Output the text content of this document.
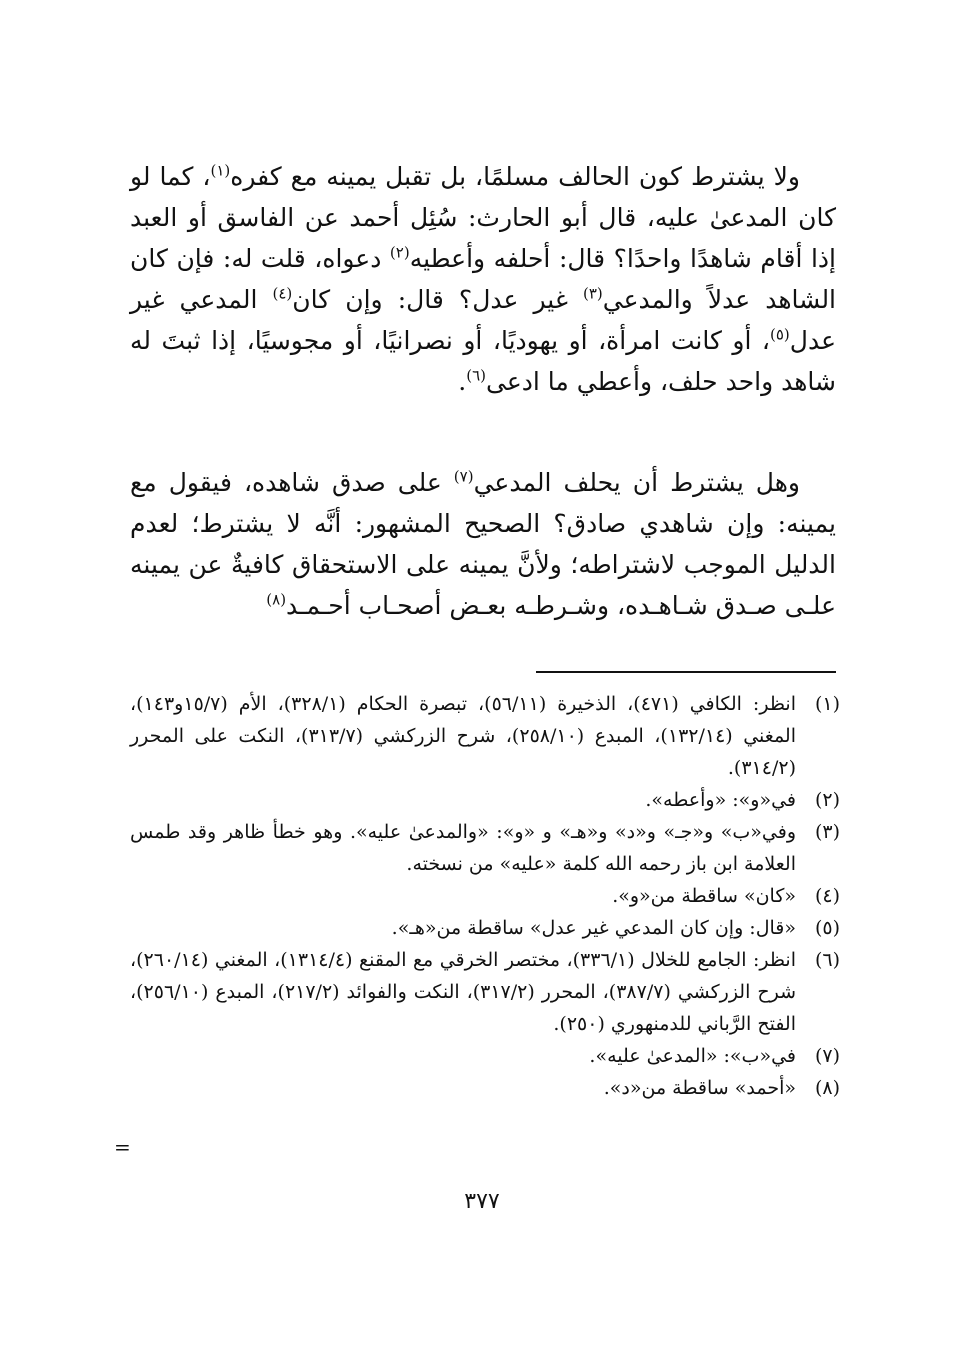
ولا يشترط كون الحالف مسلمًا، بل تقبل يمينه مع كفره$^{(١)}$، كما لو كان المدعىٰ عليه، قال أبو الحارث: سُئِل أحمد عن الفاسق أو العبد إذا أقام شاهدًا واحدًا؟ قال: أحلفه وأعطيه$^{(٢)}$ دعواه، قلت له: فإن كان الشاهد عدلاً والمدعي$^{(٣)}$ غير عدل؟ قال: وإن كان$^{(٤)}$ المدعي غير عدل$^{(٥)}$، أو كانت امرأة، أو يهوديًا، أو نصرانيًا، أو مجوسيًا، إذا ثبتَ له شاهد واحد حلف، وأعطي ما ادعى$^{(٦)}$.

وهل يشترط أن يحلف المدعي$^{(٧)}$ على صدق شاهده، فيقول مع يمينه: وإن شاهدي صادق؟ الصحيح المشهور: أنَّه لا يشترط؛ لعدم الدليل الموجب لاشتراطه؛ ولأنَّ يمينه على الاستحقاق كافيةٌ عن يمينه علـى صـدق شـاهـده، وشـرطـه بعـض أصحـاب أحـمـد$^{(٨)}$

(١)
انظر: الكافي (٤٧١)، الذخيرة (٥٦/١١)، تبصرة الحكام (٣٢٨/١)، الأم (١٥/٧و١٤٣)، المغني (١٣٢/١٤)، المبدع (٢٥٨/١٠)، شرح الزركشي (٣١٣/٧)، النكت على المحرر (٣١٤/٢).
(٢)
في«و»: «وأعطه».
(٣)
وفي«ب» و«جـ» و«د» و«هـ» و «و»: «والمدعىٰ عليه». وهو خطأ ظاهر وقد طمس العلامة ابن باز رحمه الله كلمة «عليه» من نسخته.
(٤)
«كان» ساقطة من«و».
(٥)
«قال: وإن كان المدعي غير عدل» ساقطة من«هـ».
(٦)
انظر: الجامع للخلال (٣٣٦/١)، مختصر الخرقي مع المقنع (١٣١٤/٤)، المغني (٢٦٠/١٤)، شرح الزركشي (٣٨٧/٧)، المحرر (٣١٧/٢)، النكت والفوائد (٢١٧/٢)، المبدع (٢٥٦/١٠)، الفتح الرَّباني للدمنهوري (٢٥٠).
(٧)
في«ب»: «المدعىٰ عليه».
(٨)
«أحمد» ساقطة من«د».
=
٣٧٧
